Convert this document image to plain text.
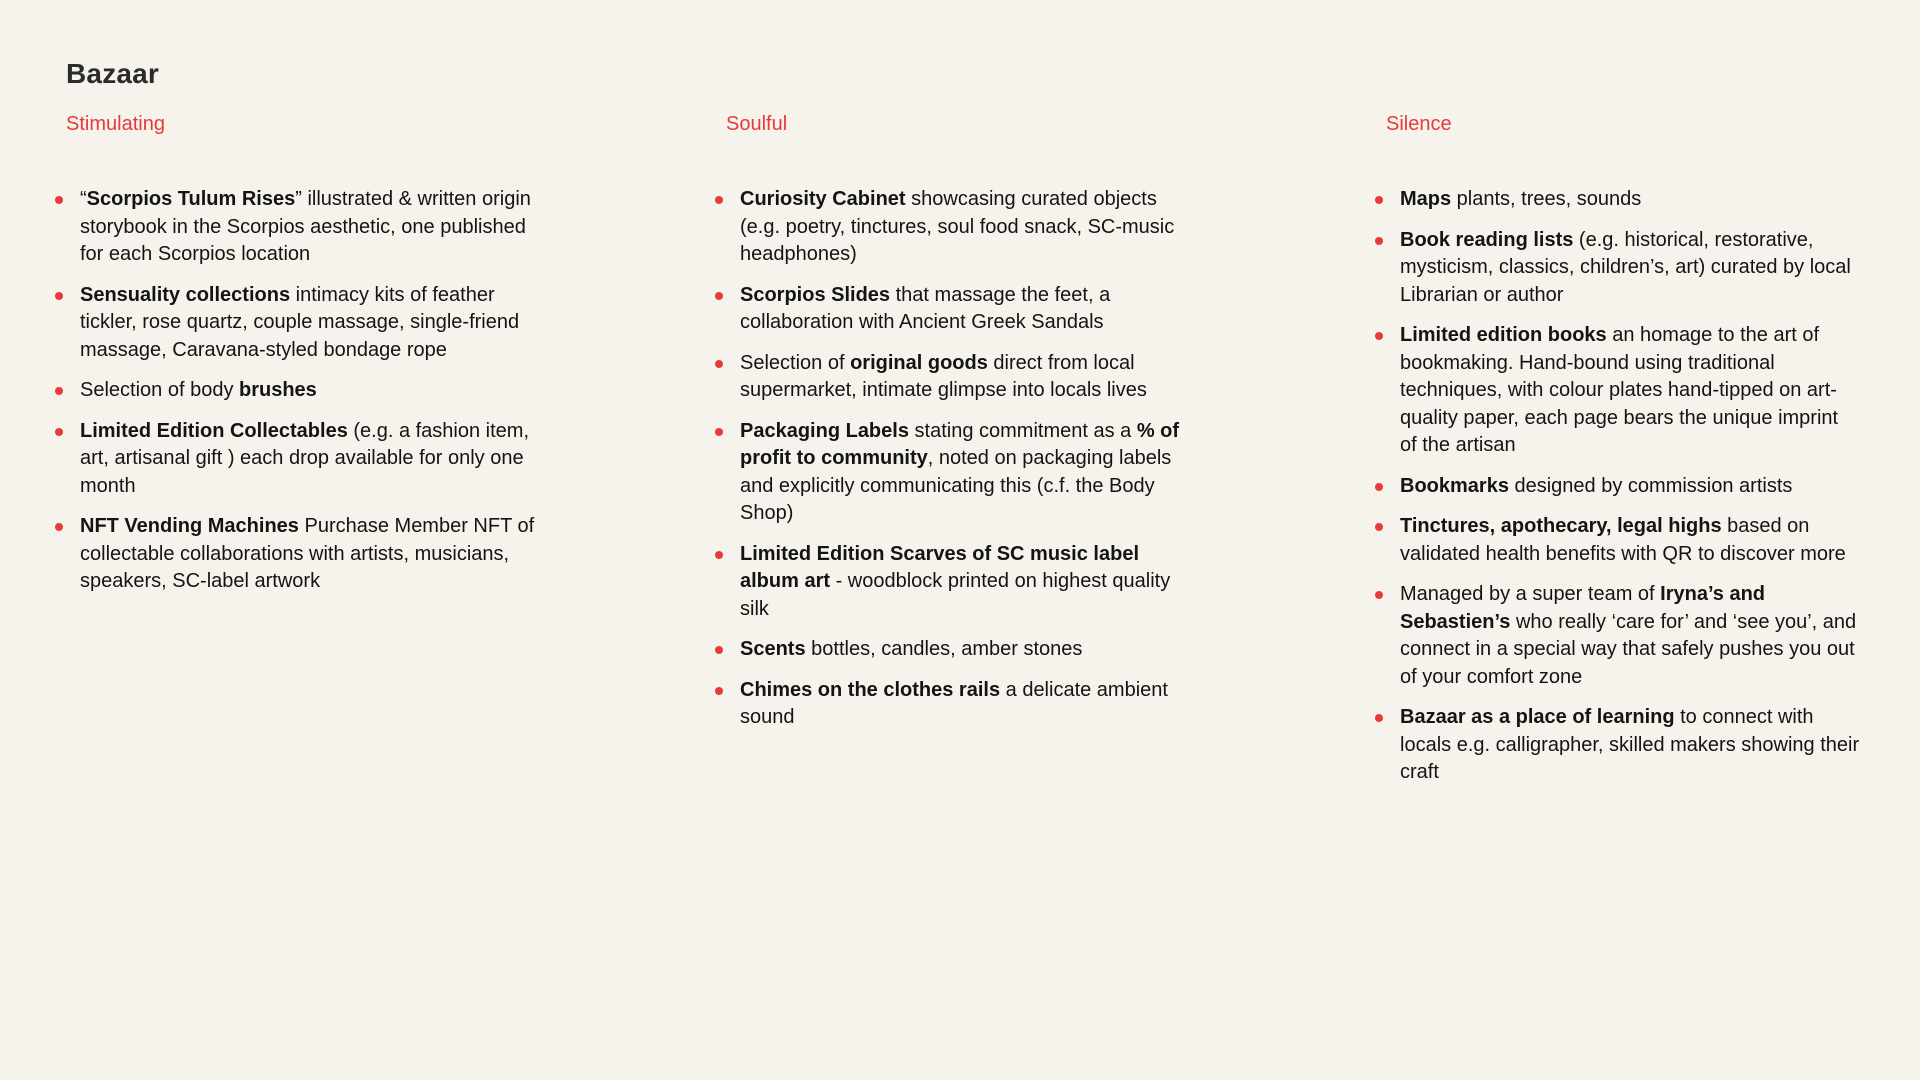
Bazaar
Stimulating
“Scorpios Tulum Rises” illustrated & written origin storybook in the Scorpios aesthetic, one published for each Scorpios location
Sensuality collections intimacy kits of feather tickler, rose quartz, couple massage, single-friend massage, Caravana-styled bondage rope
Selection of body brushes
Limited Edition Collectables (e.g. a fashion item, art, artisanal gift ) each drop available for only one month
NFT Vending Machines Purchase Member NFT of collectable collaborations with artists, musicians, speakers, SC-label artwork
Soulful
Curiosity Cabinet showcasing curated objects (e.g. poetry, tinctures, soul food snack, SC-music headphones)
Scorpios Slides that massage the feet, a collaboration with Ancient Greek Sandals
Selection of original goods direct from local supermarket, intimate glimpse into locals lives
Packaging Labels stating commitment as a % of profit to community, noted on packaging labels and explicitly communicating this (c.f. the Body Shop)
Limited Edition Scarves of SC music label album art - woodblock printed on highest quality silk
Scents bottles, candles, amber stones
Chimes on the clothes rails a delicate ambient sound
Silence
Maps plants, trees, sounds
Book reading lists (e.g. historical, restorative, mysticism, classics, children’s, art) curated by local Librarian or author
Limited edition books an homage to the art of bookmaking. Hand-bound using traditional techniques, with colour plates hand-tipped on art-quality paper, each page bears the unique imprint of the artisan
Bookmarks designed by commission artists
Tinctures, apothecary, legal highs based on validated health benefits with QR to discover more
Managed by a super team of Iryna’s and Sebastien’s who really ‘care for’ and ‘see you’, and connect in a special way that safely pushes you out of your comfort zone
Bazaar as a place of learning to connect with locals e.g. calligrapher, skilled makers showing their craft
